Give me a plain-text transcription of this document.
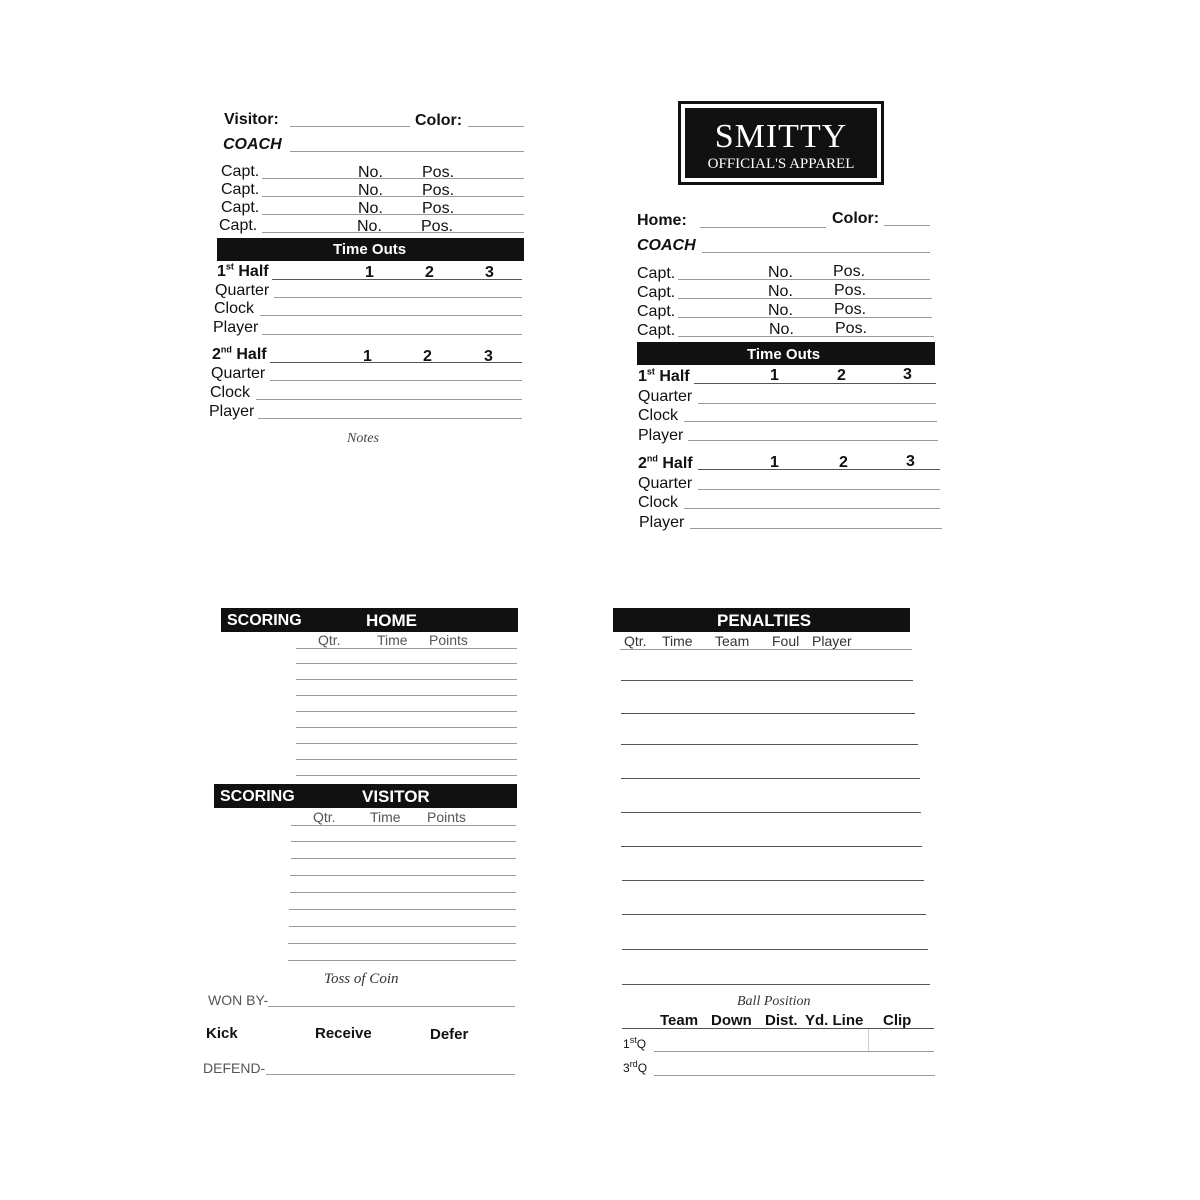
Visitor:	Color:
COACH
Capt.	No. Pos.
Capt.	No. Pos.
Capt.	No. Pos.
Capt.	No. Pos.
Time Outs
1st Half	1	2	3
Quarter
Clock
Player
2nd Half	1	2	3
Quarter
Clock
Player
Notes
SMITTY
OFFICIAL'S APPAREL
Home:	Color:
COACH
Capt.	No.	Pos.
Capt.	No.	Pos.
Capt.	No.	Pos.
Capt.	No.	Pos.
Time Outs
1st Half	1	2	3
Quarter
Clock
Player
2nd Half	1	2	3
Quarter
Clock
Player
SCORING	HOME
Qtr.	Time Points
SCORING	VISITOR
Qtr. Time Points
Toss of Coin
WON BY-
Kick	Receive	Defer
DEFEND-
PENALTIES
Qtr. Time Team Foul Player
Ball Position
Team Down Dist. Yd. Line Clip
1stQ
3rdQ
